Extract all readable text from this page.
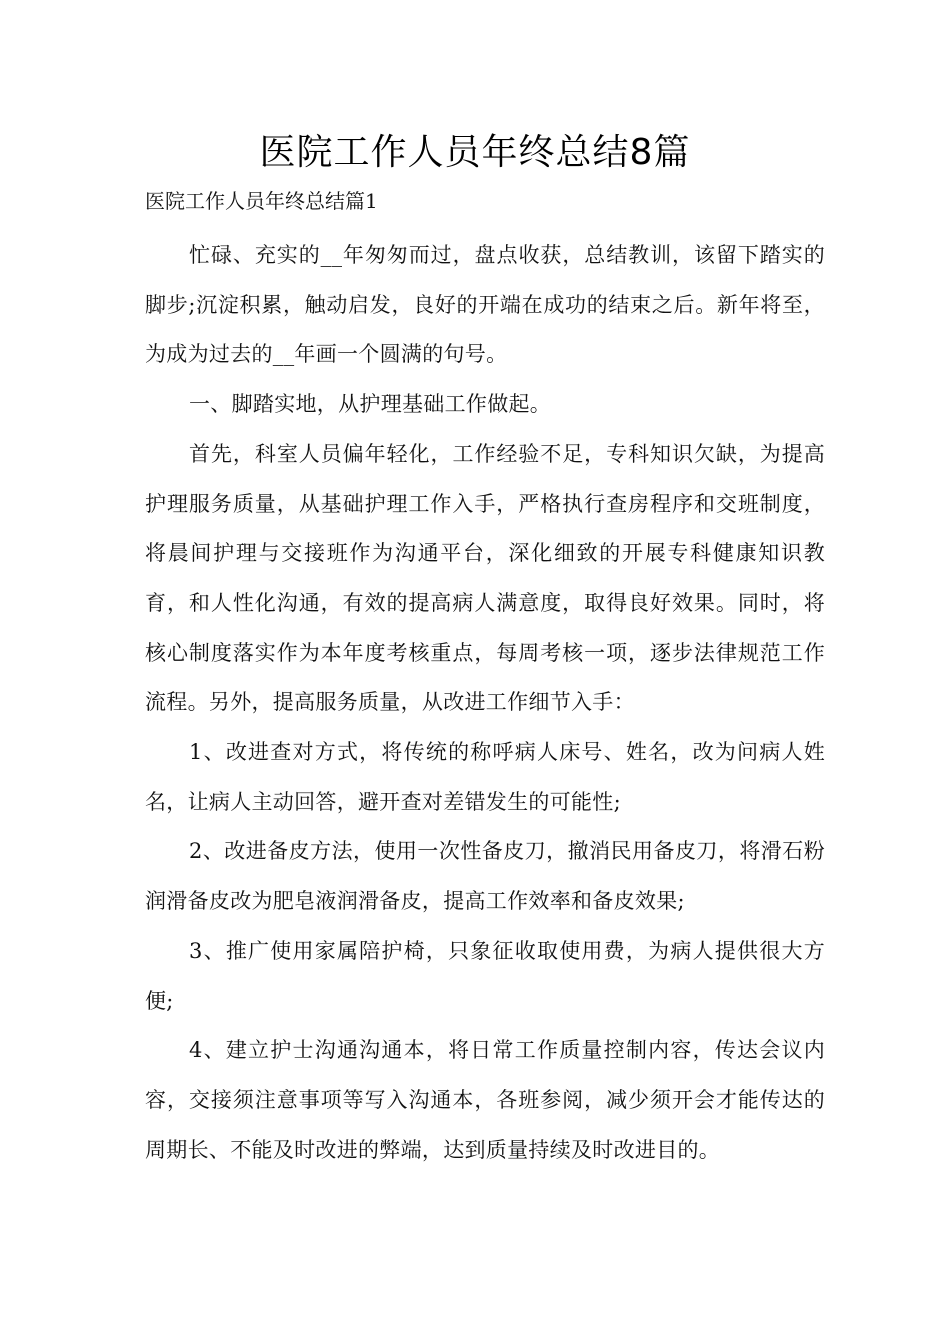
医院工作人员年终总结8篇
医院工作人员年终总结篇1

忙碌、充实的__年匆匆而过，盘点收获，总结教训，该留下踏实的脚步;沉淀积累，触动启发，良好的开端在成功的结束之后。新年将至，为成为过去的__年画一个圆满的句号。

一、脚踏实地，从护理基础工作做起。

首先，科室人员偏年轻化，工作经验不足，专科知识欠缺，为提高护理服务质量，从基础护理工作入手，严格执行查房程序和交班制度，将晨间护理与交接班作为沟通平台，深化细致的开展专科健康知识教育，和人性化沟通，有效的提高病人满意度，取得良好效果。同时，将核心制度落实作为本年度考核重点，每周考核一项，逐步法律规范工作流程。另外，提高服务质量，从改进工作细节入手：

1、改进查对方式，将传统的称呼病人床号、姓名，改为问病人姓名，让病人主动回答，避开查对差错发生的可能性;

2、改进备皮方法，使用一次性备皮刀，撤消民用备皮刀，将滑石粉润滑备皮改为肥皂液润滑备皮，提高工作效率和备皮效果;

3、推广使用家属陪护椅，只象征收取使用费，为病人提供很大方便;

4、建立护士沟通沟通本，将日常工作质量控制内容，传达会议内容，交接须注意事项等写入沟通本，各班参阅，减少须开会才能传达的周期长、不能及时改进的弊端，达到质量持续及时改进目的。
